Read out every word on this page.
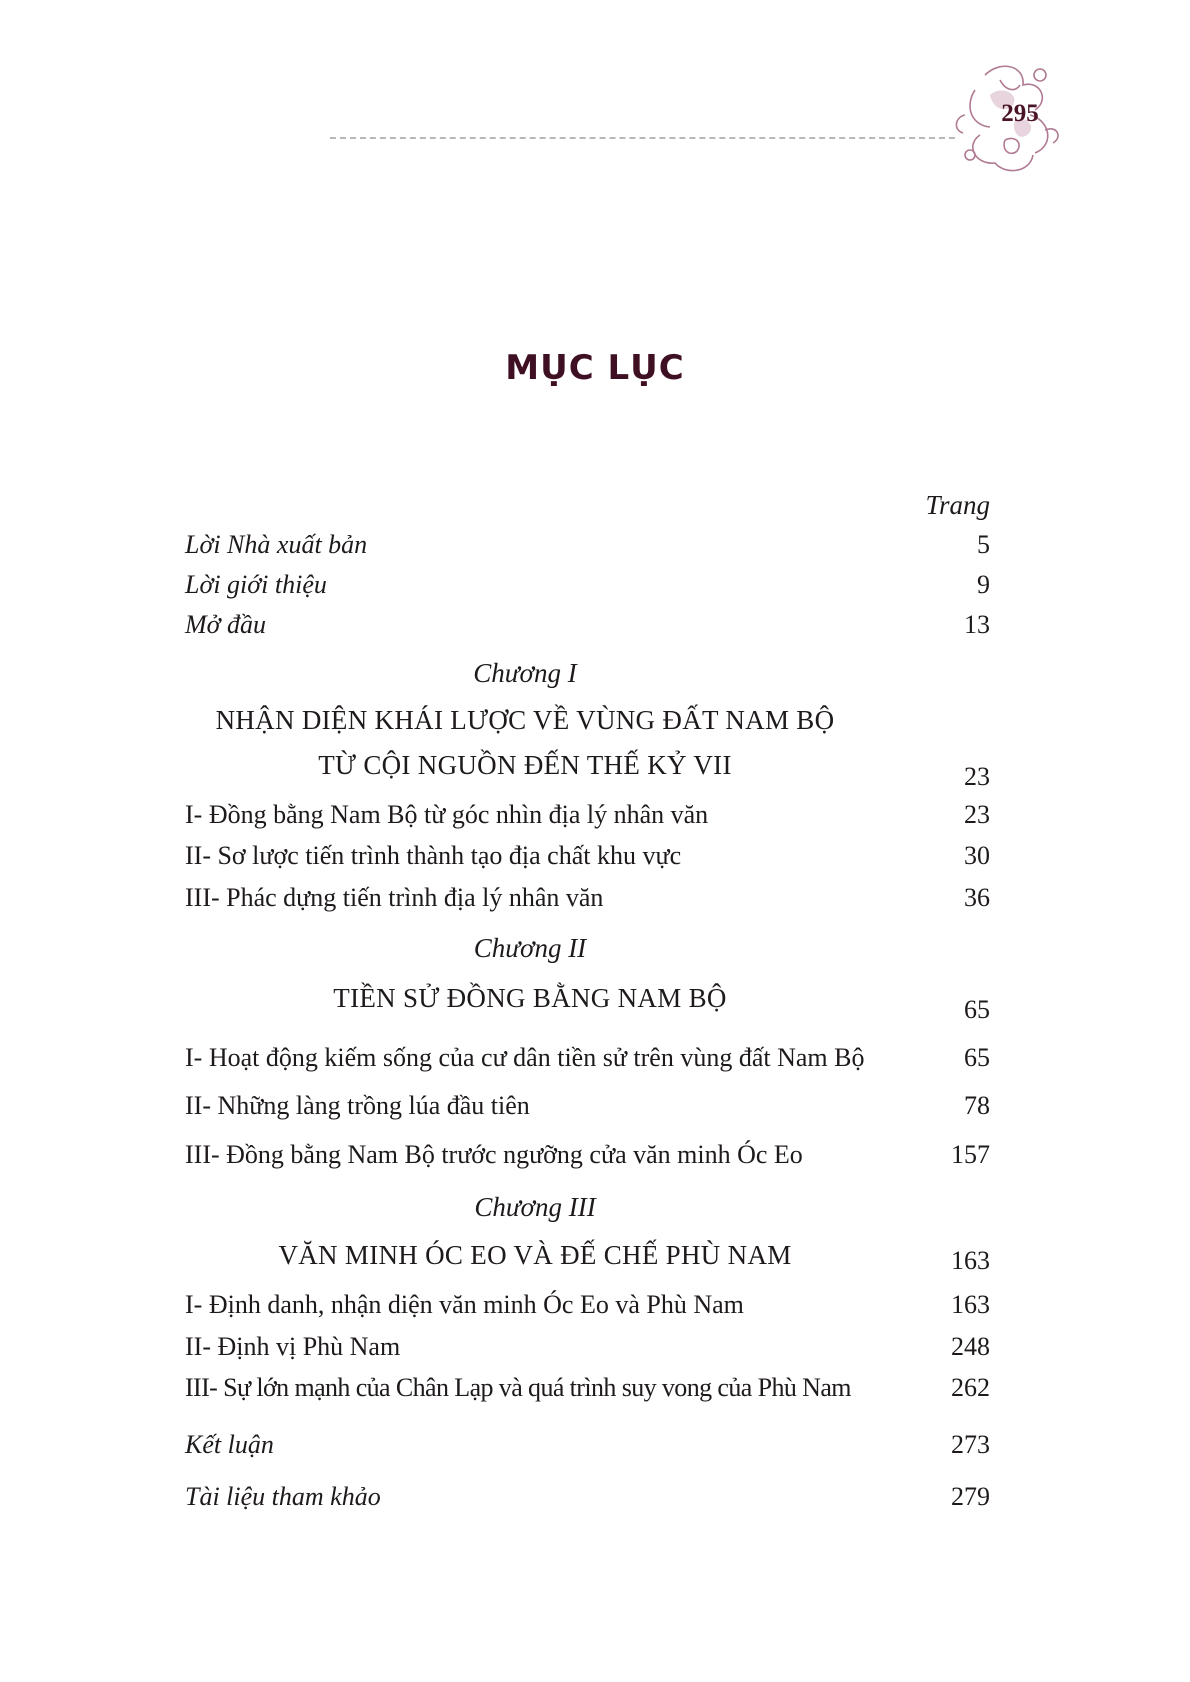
295
MỤC LỤC
Trang
Lời Nhà xuất bản	5
Lời giới thiệu	9
Mở đầu	13
Chương I
NHẬN DIỆN KHÁI LƯỢC VỀ VÙNG ĐẤT NAM BỘ
TỪ CỘI NGUỒN ĐẾN THẾ KỶ VII	23
I- Đồng bằng Nam Bộ từ góc nhìn địa lý nhân văn	23
II- Sơ lược tiến trình thành tạo địa chất khu vực	30
III- Phác dựng tiến trình địa lý nhân văn	36
Chương II
TIỀN SỬ ĐỒNG BẰNG NAM BỘ	65
I- Hoạt động kiếm sống của cư dân tiền sử trên vùng đất Nam Bộ	65
II- Những làng trồng lúa đầu tiên	78
III- Đồng bằng Nam Bộ trước ngưỡng cửa văn minh Óc Eo	157
Chương III
VĂN MINH ÓC EO VÀ ĐẾ CHẾ PHÙ NAM	163
I- Định danh, nhận diện văn minh Óc Eo và Phù Nam	163
II- Định vị Phù Nam	248
III- Sự lớn mạnh của Chân Lạp và quá trình suy vong của Phù Nam	262
Kết luận	273
Tài liệu tham khảo	279
